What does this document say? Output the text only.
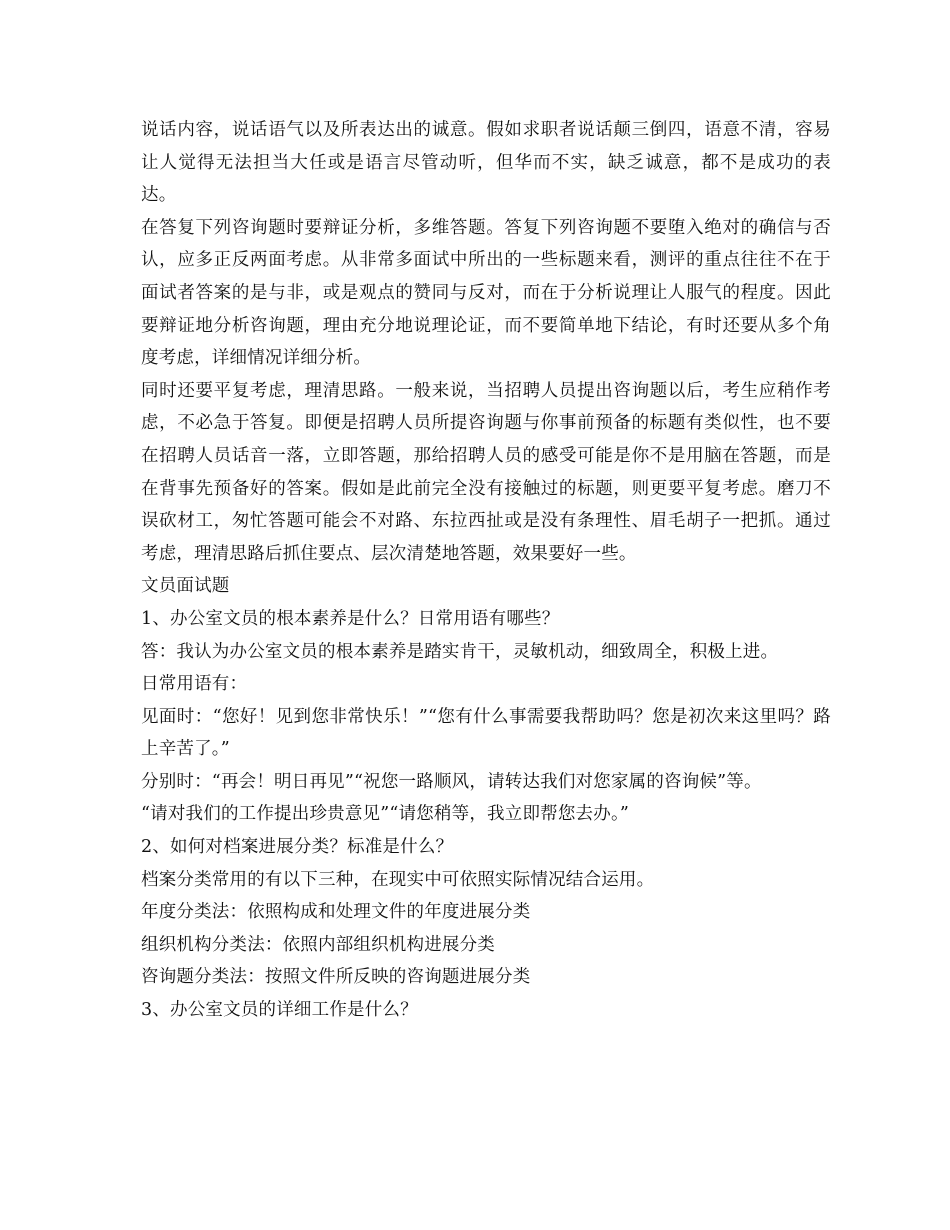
说话内容，说话语气以及所表达出的诚意。假如求职者说话颠三倒四，语意不清，容易让人觉得无法担当大任或是语言尽管动听，但华而不实，缺乏诚意，都不是成功的表达。

在答复下列咨询题时要辩证分析，多维答题。答复下列咨询题不要堕入绝对的确信与否认，应多正反两面考虑。从非常多面试中所出的一些标题来看，测评的重点往往不在于面试者答案的是与非，或是观点的赞同与反对，而在于分析说理让人服气的程度。因此要辩证地分析咨询题，理由充分地说理论证，而不要简单地下结论，有时还要从多个角度考虑，详细情况详细分析。

同时还要平复考虑，理清思路。一般来说，当招聘人员提出咨询题以后，考生应稍作考虑，不必急于答复。即便是招聘人员所提咨询题与你事前预备的标题有类似性，也不要在招聘人员话音一落，立即答题，那给招聘人员的感受可能是你不是用脑在答题，而是在背事先预备好的答案。假如是此前完全没有接触过的标题，则更要平复考虑。磨刀不误砍材工，匆忙答题可能会不对路、东拉西扯或是没有条理性、眉毛胡子一把抓。通过考虑，理清思路后抓住要点、层次清楚地答题，效果要好一些。

文员面试题

1、办公室文员的根本素养是什么？日常用语有哪些？

答：我认为办公室文员的根本素养是踏实肯干，灵敏机动，细致周全，积极上进。

日常用语有：

见面时：“您好！见到您非常快乐！”“您有什么事需要我帮助吗？您是初次来这里吗？路上辛苦了。”

分别时：“再会！明日再见”“祝您一路顺风，请转达我们对您家属的咨询候”等。

“请对我们的工作提出珍贵意见”“请您稍等，我立即帮您去办。”

2、如何对档案进展分类？标准是什么？

档案分类常用的有以下三种，在现实中可依照实际情况结合运用。

年度分类法：依照构成和处理文件的年度进展分类

组织机构分类法：依照内部组织机构进展分类

咨询题分类法：按照文件所反映的咨询题进展分类

3、办公室文员的详细工作是什么？
